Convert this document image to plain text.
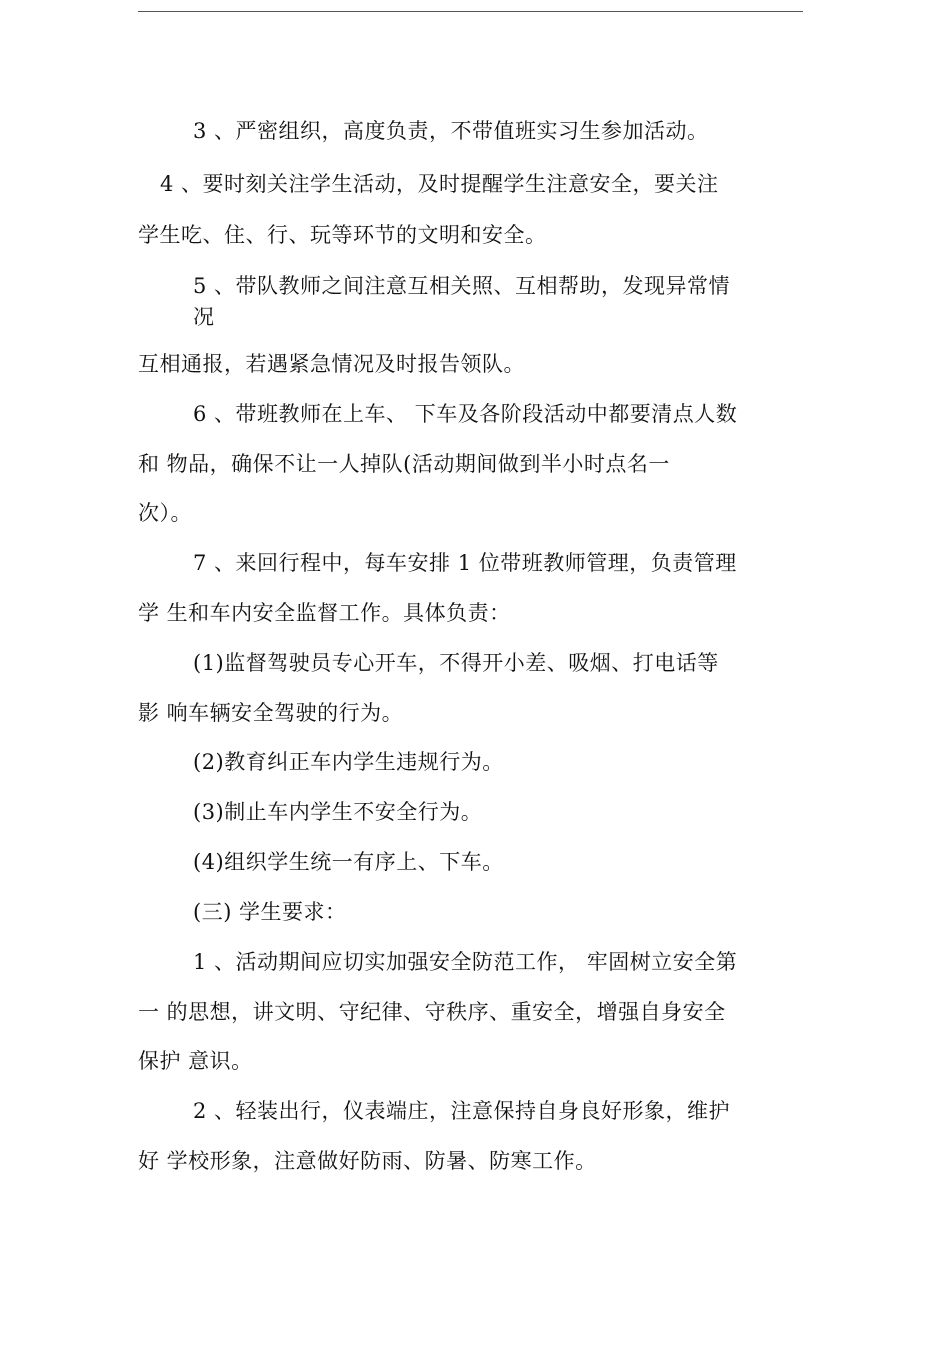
3 、严密组织，高度负责，不带值班实习生参加活动。

4 、要时刻关注学生活动，及时提醒学生注意安全，要关注

学生吃、住、行、玩等环节的文明和安全。

5 、带队教师之间注意互相关照、互相帮助，发现异常情

况

互相通报，若遇紧急情况及时报告领队。

6 、带班教师在上车、 下车及各阶段活动中都要清点人数

和 物品，确保不让一人掉队(活动期间做到半小时点名一

次）。

7 、来回行程中，每车安排 1 位带班教师管理，负责管理

学 生和车内安全监督工作。具体负责：

(1)监督驾驶员专心开车，不得开小差、吸烟、打电话等

影 响车辆安全驾驶的行为。

(2)教育纠正车内学生违规行为。

(3)制止车内学生不安全行为。

(4)组织学生统一有序上、下车。

(三) 学生要求：

1 、活动期间应切实加强安全防范工作， 牢固树立安全第

一 的思想，讲文明、守纪律、守秩序、重安全，增强自身安全

保护 意识。

2 、轻装出行，仪表端庄，注意保持自身良好形象，维护

好 学校形象，注意做好防雨、防暑、防寒工作。
